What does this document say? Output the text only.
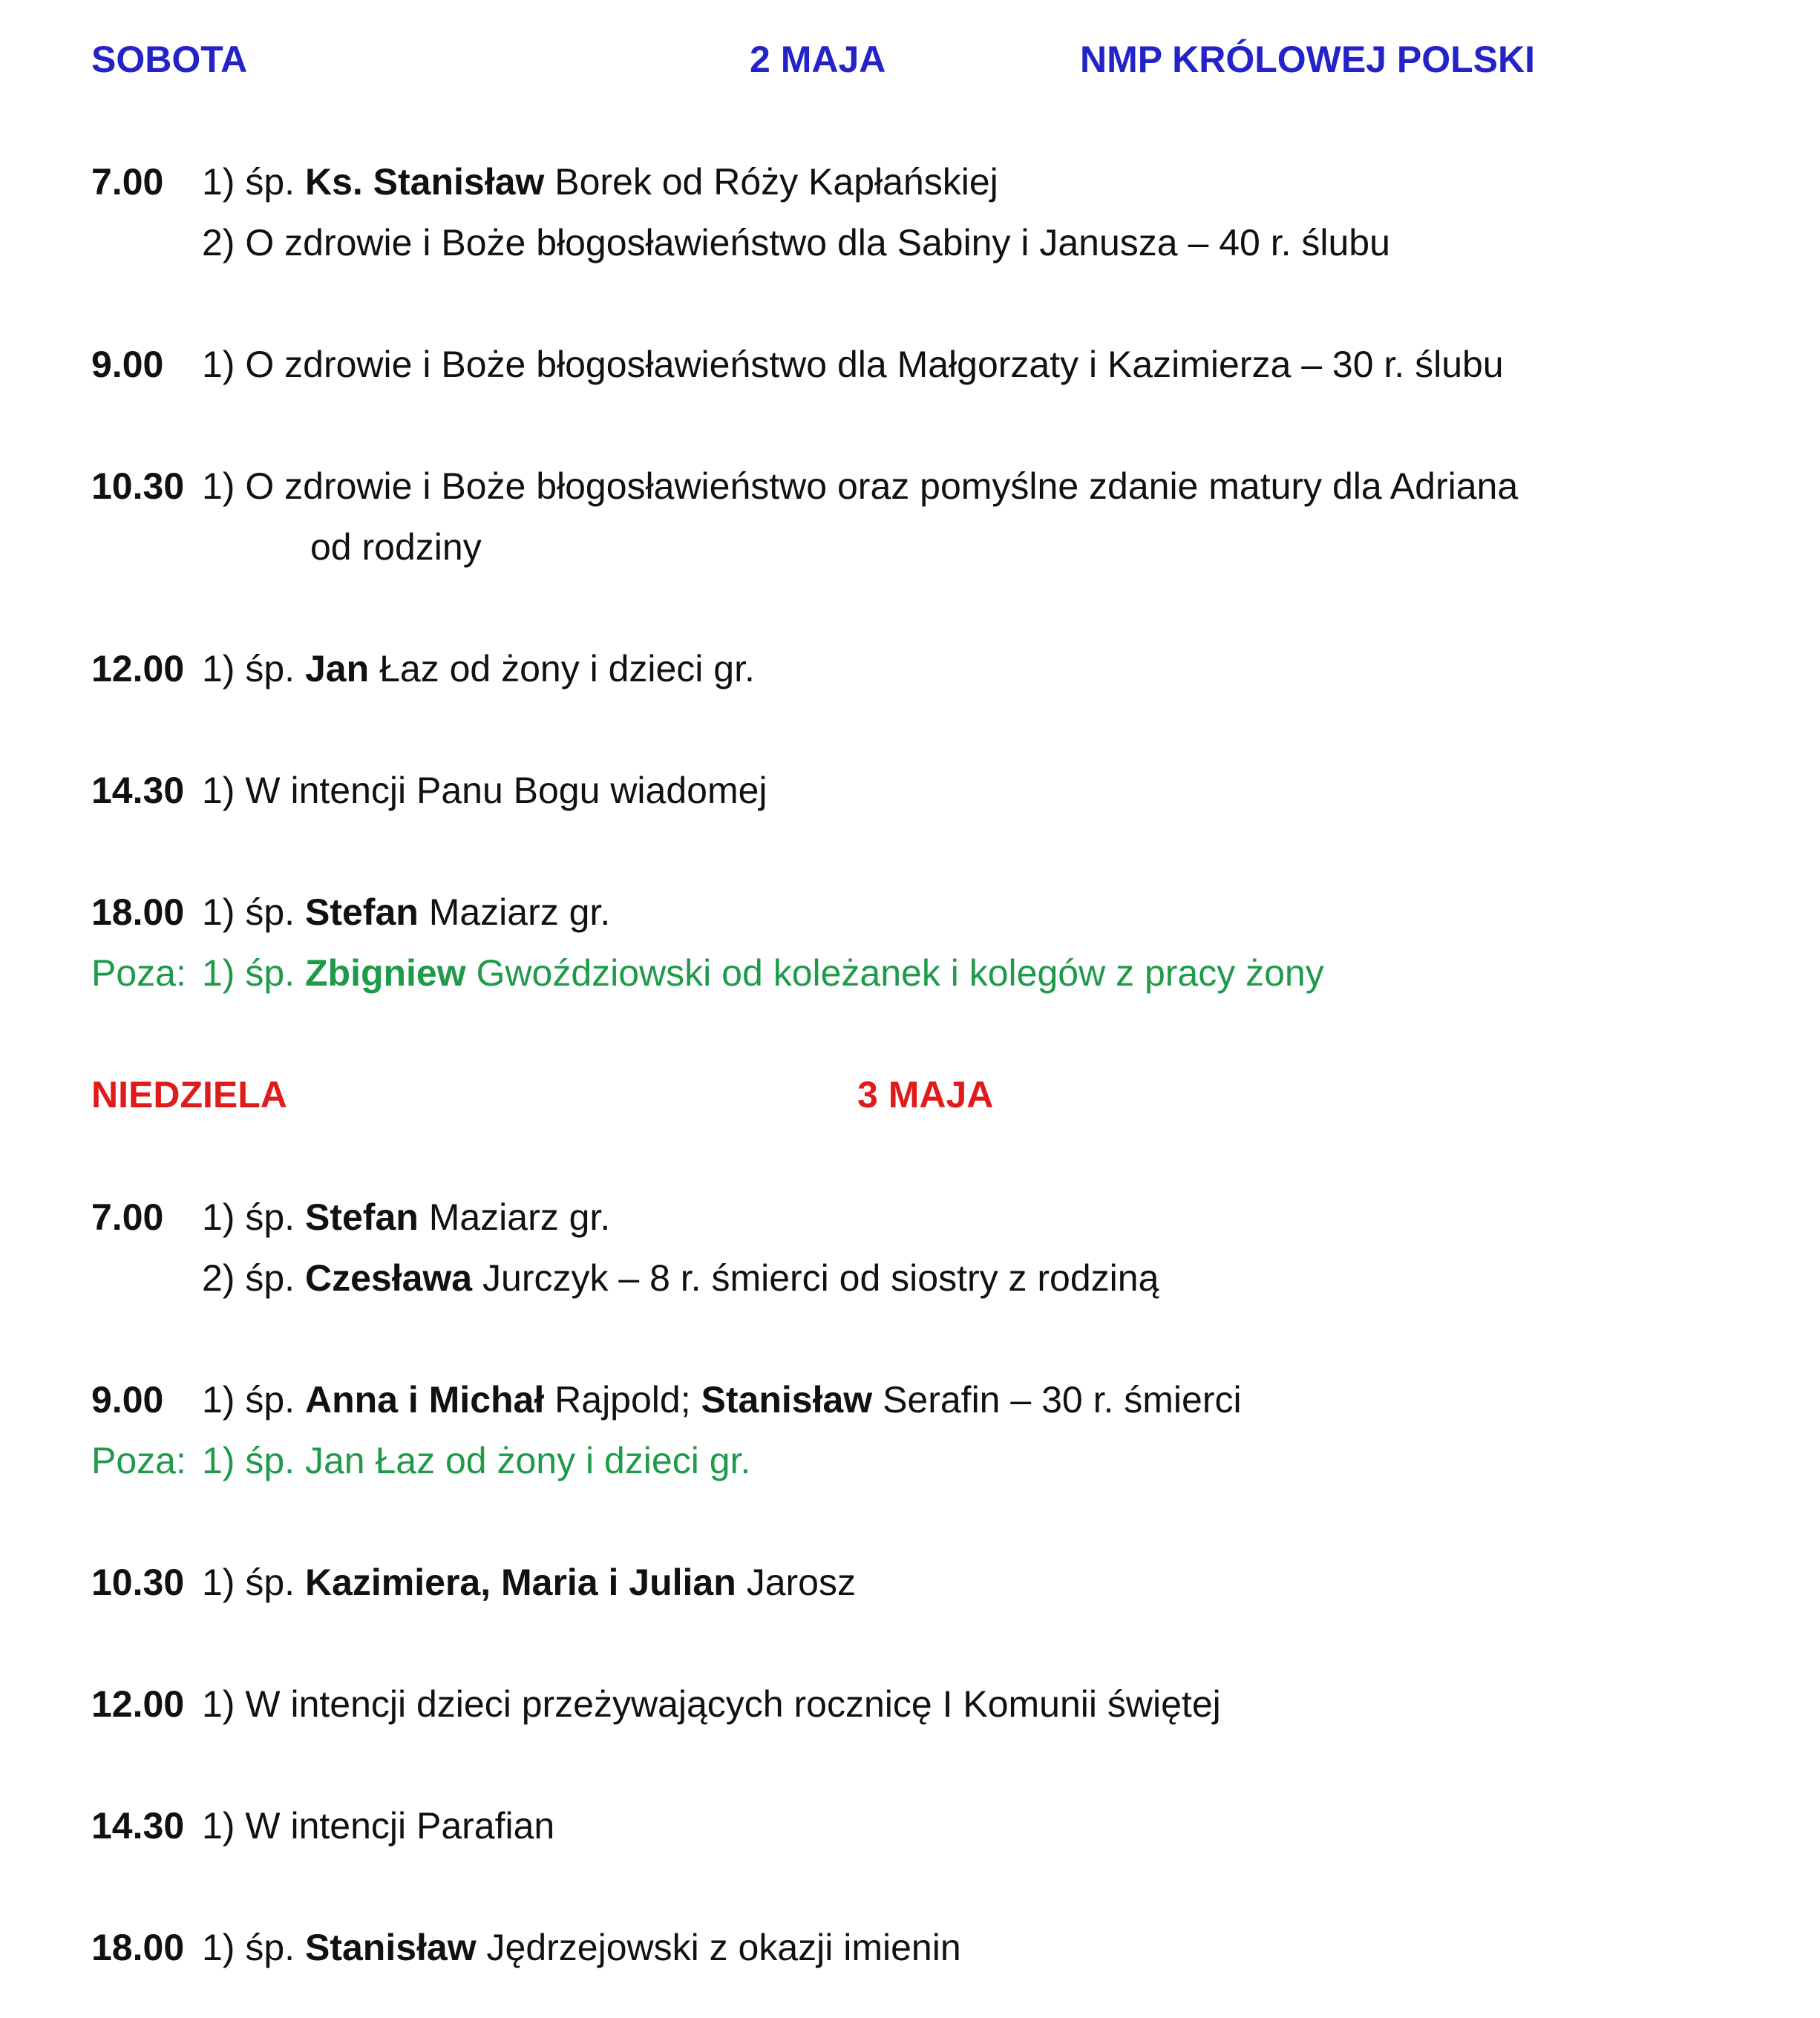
SOBOTA	2 MAJA	NMP KRÓLOWEJ POLSKI
7.00 1) śp. Ks. Stanisław Borek od Róży Kapłańskiej
2) O zdrowie i Boże błogosławieństwo dla Sabiny i Janusza – 40 r. ślubu
9.00 1) O zdrowie i Boże błogosławieństwo dla Małgorzaty i Kazimierza – 30 r. ślubu
10.30 1) O zdrowie i Boże błogosławieństwo oraz pomyślne zdanie matury dla Adriana
od rodziny
12.00 1) śp. Jan Łaz od żony i dzieci gr.
14.30 1) W intencji Panu Bogu wiadomej
18.00 1) śp. Stefan Maziarz gr.
Poza: 1) śp. Zbigniew Gwoździowski od koleżanek i kolegów z pracy żony
NIEDZIELA	3 MAJA
7.00 1) śp. Stefan Maziarz gr.
2) śp. Czesława Jurczyk – 8 r. śmierci od siostry z rodziną
9.00 1) śp. Anna i Michał Rajpold; Stanisław Serafin – 30 r. śmierci
Poza: 1) śp. Jan Łaz od żony i dzieci gr.
10.30 1) śp. Kazimiera, Maria i Julian Jarosz
12.00 1) W intencji dzieci przeżywających rocznicę I Komunii świętej
14.30 1) W intencji Parafian
18.00 1) śp. Stanisław Jędrzejowski z okazji imienin
